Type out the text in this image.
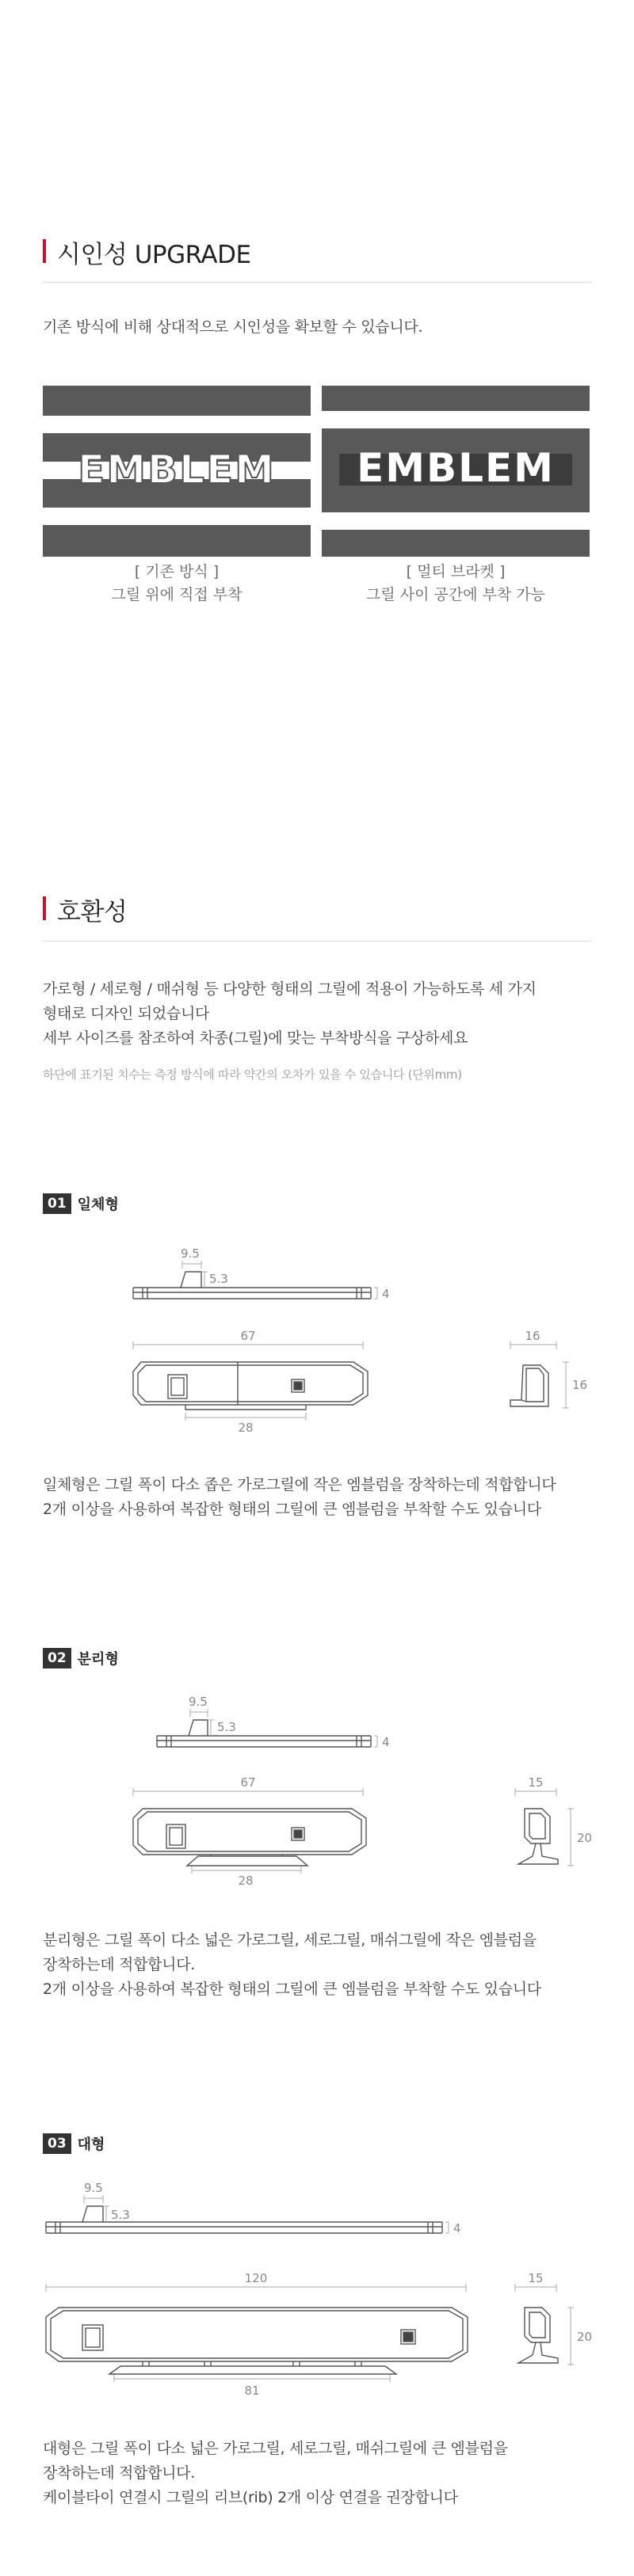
시인성 UPGRADE
기존 방식에 비해 상대적으로 시인성을 확보할 수 있습니다.
EMBLEM
[ 기존 방식 ]
그릴 위에 직접 부착
EMBLEM
[ 멀티 브라켓 ]
그릴 사이 공간에 부착 가능
호환성
가로형 / 세로형 / 매쉬형 등 다양한 형태의 그릴에 적용이 가능하도록 세 가지
형태로 디자인 되었습니다
세부 사이즈를 참조하여 차종(그릴)에 맞는 부착방식을 구상하세요
하단에 표기된 치수는 측정 방식에 따라 약간의 오차가 있을 수 있습니다 (단위mm)
01 일체형
9.5
5.3
4
67
28
16
16
일체형은 그릴 폭이 다소 좁은 가로그릴에 작은 엠블럼을 장착하는데 적합합니다
2개 이상을 사용하여 복잡한 형태의 그릴에 큰 엠블럼을 부착할 수도 있습니다
02 분리형
9.5
5.3
4
67
28
15
20
분리형은 그릴 폭이 다소 넓은 가로그릴, 세로그릴, 매쉬그릴에 작은 엠블럼을
장착하는데 적합합니다.
2개 이상을 사용하여 복잡한 형태의 그릴에 큰 엠블럼을 부착할 수도 있습니다
03 대형
9.5
5.3
4
120
81
15
20
대형은 그릴 폭이 다소 넓은 가로그릴, 세로그릴, 매쉬그릴에 큰 엠블럼을
장착하는데 적합합니다.
케이블타이 연결시 그릴의 리브(rib) 2개 이상 연결을 권장합니다
